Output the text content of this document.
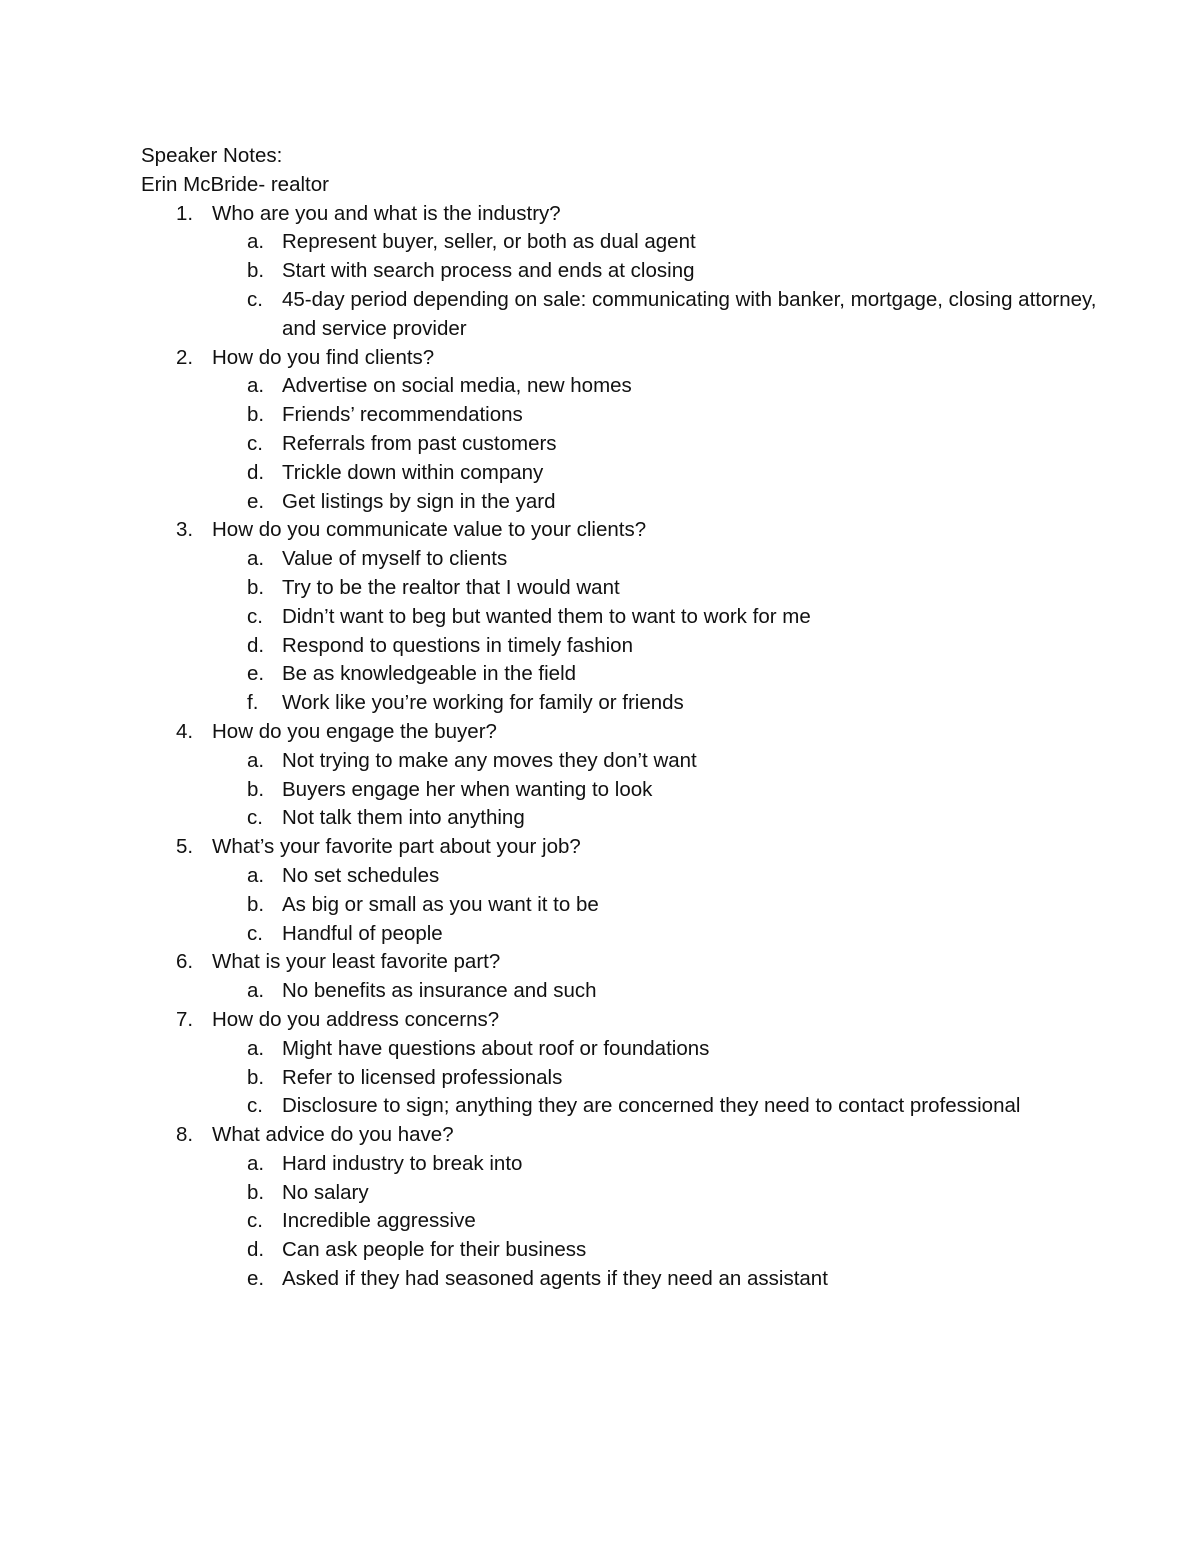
Speaker Notes:
Erin McBride- realtor
1. Who are you and what is the industry?
a. Represent buyer, seller, or both as dual agent
b. Start with search process and ends at closing
c. 45-day period depending on sale: communicating with banker, mortgage, closing attorney, and service provider
2. How do you find clients?
a. Advertise on social media, new homes
b. Friends’ recommendations
c. Referrals from past customers
d. Trickle down within company
e. Get listings by sign in the yard
3. How do you communicate value to your clients?
a. Value of myself to clients
b. Try to be the realtor that I would want
c. Didn’t want to beg but wanted them to want to work for me
d. Respond to questions in timely fashion
e. Be as knowledgeable in the field
f. Work like you’re working for family or friends
4. How do you engage the buyer?
a. Not trying to make any moves they don’t want
b. Buyers engage her when wanting to look
c. Not talk them into anything
5. What’s your favorite part about your job?
a. No set schedules
b. As big or small as you want it to be
c. Handful of people
6. What is your least favorite part?
a. No benefits as insurance and such
7. How do you address concerns?
a. Might have questions about roof or foundations
b. Refer to licensed professionals
c. Disclosure to sign; anything they are concerned they need to contact professional
8. What advice do you have?
a. Hard industry to break into
b. No salary
c. Incredible aggressive
d. Can ask people for their business
e. Asked if they had seasoned agents if they need an assistant
